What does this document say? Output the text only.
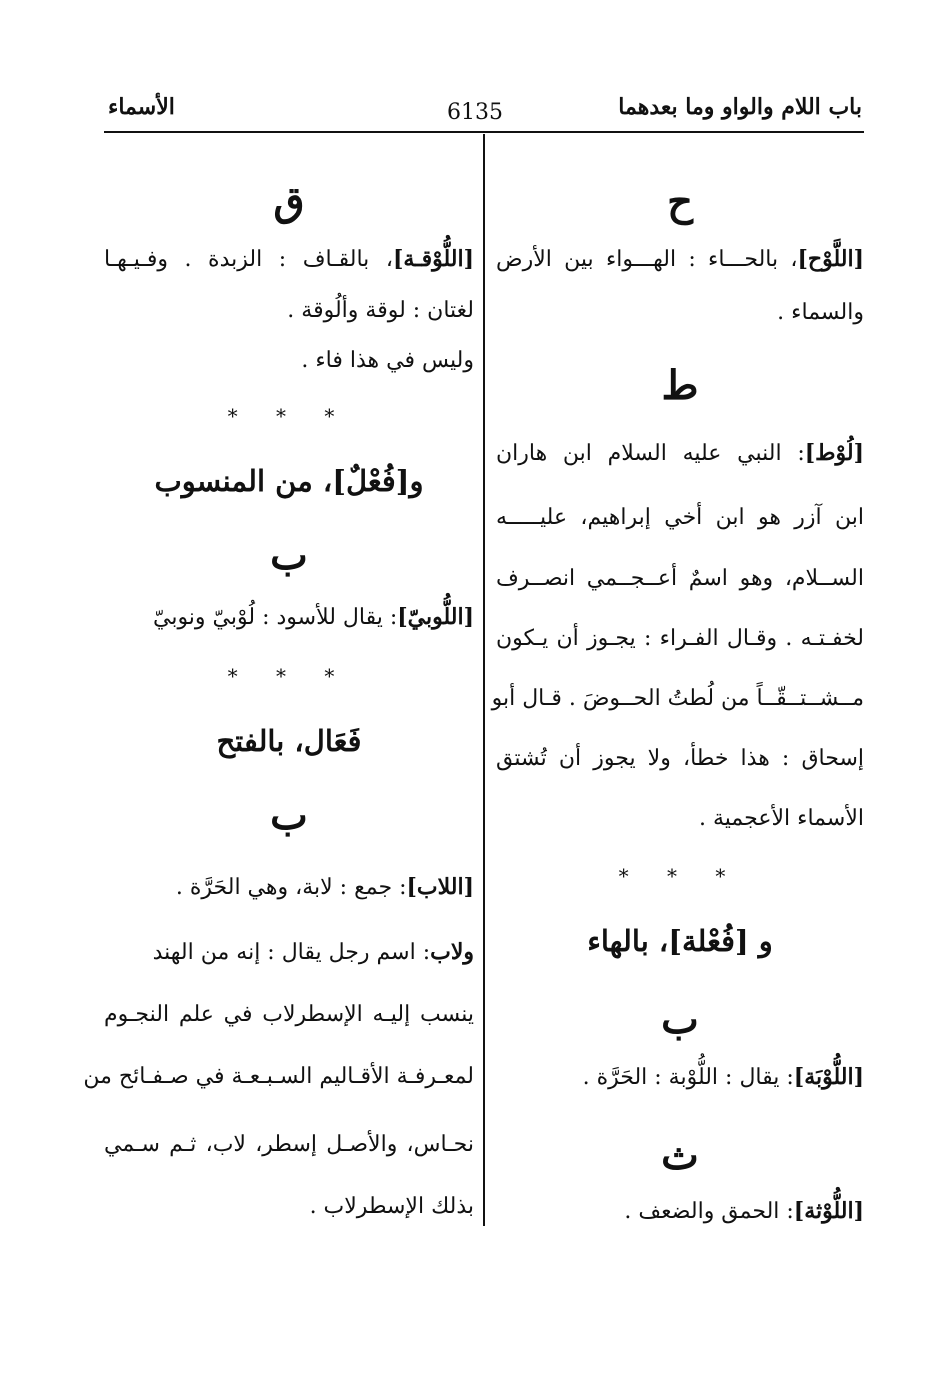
باب اللام والواو وما بعدهما
6135
الأسماء
ح
[اللَّوْح]، بالحـــاء : الهـــواء بين الأرض
والسماء .
ط
[لُوْط]: النبي عليه السلام ابن هاران
ابن آزر هو ابن أخي إبراهيم، عليـــــه
الســلام، وهو اسمٌ أعــجــمي انصــرف
لخفـتـه . وقـال الفـراء : يجـوز أن يـكون
مــشــتــقّــاً من لُطتُ الحــوضَ . قـال أبو
إسحاق : هذا خطأ، ولا يجوز أن تُشتق
الأسماء الأعجمية .
* * *
و [فُعْلة]، بالهاء
ب
[اللُّوْبَة]: يقال : اللُّوْبة : الحَرَّة .
ث
[اللُّوْثة]: الحمق والضعف .
ق
[اللُّوْقـة]، بالقـاف : الزبدة . وفـيـهـا
لغتان : لوقة وألُوقة .
وليس في هذا فاء .
* * *
و[فُعْلٌ]، من المنسوب
ب
[اللُّوبيّ]: يقال للأسود : لُوْبيّ ونوبيّ
* * *
فَعَال، بالفتح
ب
[اللاب]: جمع : لابة، وهي الحَرَّة .
ولاب: اسم رجل يقال : إنه من الهند
ينسب إليـه الإسطرلاب في علم النجـوم
لمعـرفـة الأقـاليم السـبـعـة في صـفـائح من
نحـاس، والأصـل إسطر، لاب، ثـم سـمي
بذلك الإسطرلاب .
